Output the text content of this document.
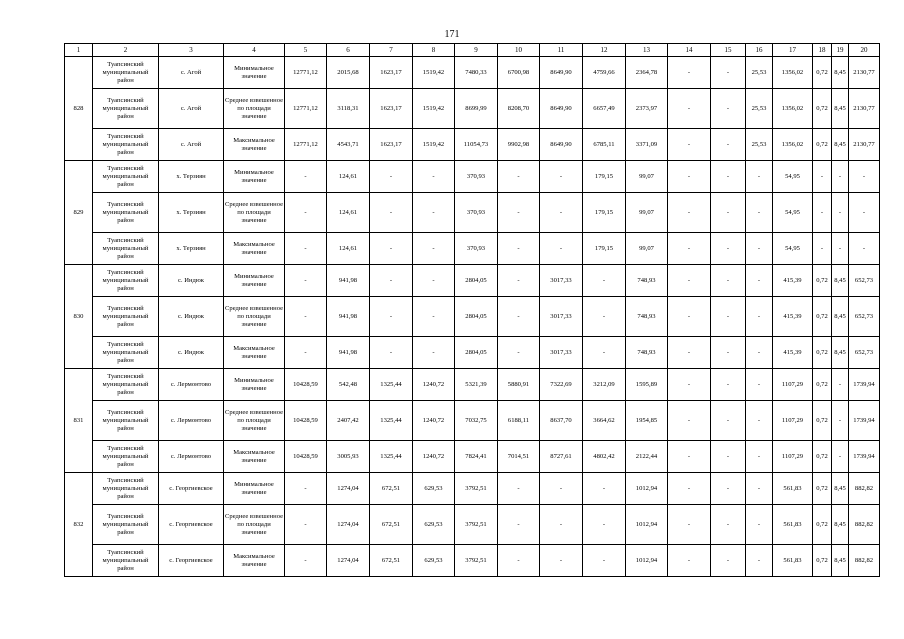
171
1	2	3	4	5	6	7	8	9	10	11	12	13	14	15	16	17	18	19	20
828	Туапсинский муниципальный район	с. Агой	Минимальное значение	12771,12	2015,68	1623,17	1519,42	7480,33	6700,98	8649,90	4759,66	2364,78	-	-	25,53	1356,02	0,72	8,45	2130,77
	Туапсинский муниципальный район	с. Агой	Среднее взвешенное по площади значение	12771,12	3118,31	1623,17	1519,42	8699,99	8208,70	8649,90	6657,49	2373,97	-	-	25,53	1356,02	0,72	8,45	2130,77
	Туапсинский муниципальный район	с. Агой	Максимальное значение	12771,12	4543,71	1623,17	1519,42	11054,73	9902,98	8649,90	6785,11	3371,09	-	-	25,53	1356,02	0,72	8,45	2130,77
829	Туапсинский муниципальный район	х. Терзиян	Минимальное значение	-	124,61	-	-	370,93	-	-	179,15	99,07	-	-	-	54,95	-	-	-
	Туапсинский муниципальный район	х. Терзиян	Среднее взвешенное по площади значение	-	124,61	-	-	370,93	-	-	179,15	99,07	-	-	-	54,95	-	-	-
	Туапсинский муниципальный район	х. Терзиян	Максимальное значение	-	124,61	-	-	370,93	-	-	179,15	99,07	-	-	-	54,95	-	-	-
830	Туапсинский муниципальный район	с. Индюк	Минимальное значение	-	941,98	-	-	2804,05	-	3017,33	-	748,93	-	-	-	415,39	0,72	8,45	652,73
	Туапсинский муниципальный район	с. Индюк	Среднее взвешенное по площади значение	-	941,98	-	-	2804,05	-	3017,33	-	748,93	-	-	-	415,39	0,72	8,45	652,73
	Туапсинский муниципальный район	с. Индюк	Максимальное значение	-	941,98	-	-	2804,05	-	3017,33	-	748,93	-	-	-	415,39	0,72	8,45	652,73
831	Туапсинский муниципальный район	с. Лермонтово	Минимальное значение	10428,59	542,48	1325,44	1240,72	5321,39	5880,91	7322,69	3212,09	1595,89	-	-	-	1107,29	0,72	-	1739,94
	Туапсинский муниципальный район	с. Лермонтово	Среднее взвешенное по площади значение	10428,59	2407,42	1325,44	1240,72	7032,75	6188,11	8637,70	3664,62	1954,85	-	-	-	1107,29	0,72	-	1739,94
	Туапсинский муниципальный район	с. Лермонтово	Максимальное значение	10428,59	3005,93	1325,44	1240,72	7824,41	7014,51	8727,61	4802,42	2122,44	-	-	-	1107,29	0,72	-	1739,94
832	Туапсинский муниципальный район	с. Георгиевское	Минимальное значение	-	1274,04	672,51	629,53	3792,51	-	-	-	1012,94	-	-	-	561,83	0,72	8,45	882,82
	Туапсинский муниципальный район	с. Георгиевское	Среднее взвешенное по площади значение	-	1274,04	672,51	629,53	3792,51	-	-	-	1012,94	-	-	-	561,83	0,72	8,45	882,82
	Туапсинский муниципальный район	с. Георгиевское	Максимальное значение	-	1274,04	672,51	629,53	3792,51	-	-	-	1012,94	-	-	-	561,83	0,72	8,45	882,82
